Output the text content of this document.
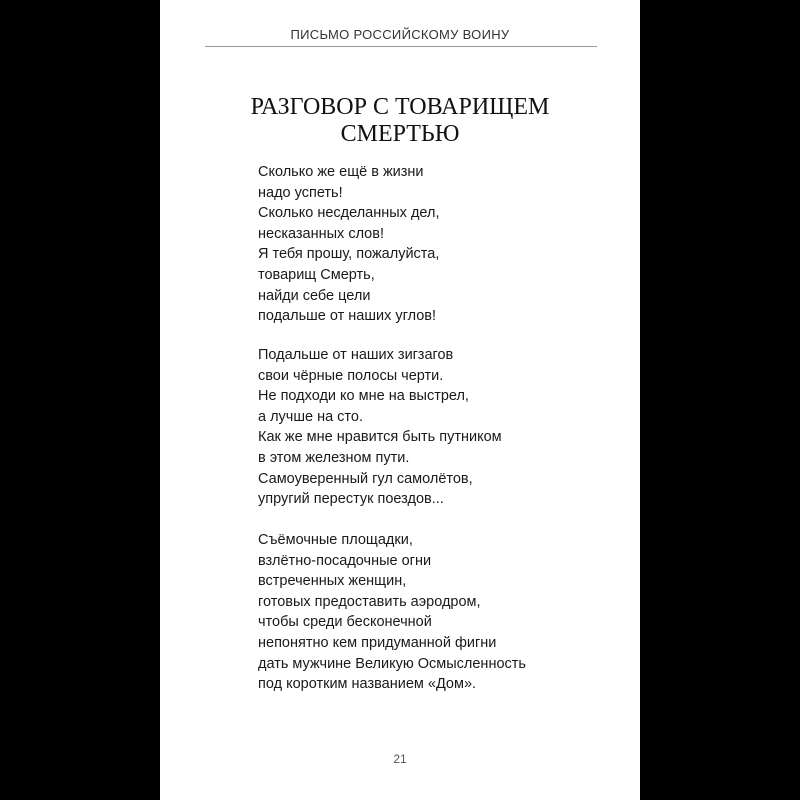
ПИСЬМО РОССИЙСКОМУ ВОИНУ
РАЗГОВОР С ТОВАРИЩЕМ
СМЕРТЬЮ
Сколько же ещё в жизни
надо успеть!
Сколько несделанных дел,
несказанных слов!
Я тебя прошу, пожалуйста,
товарищ Смерть,
найди себе цели
подальше от наших углов!
Подальше от наших зигзагов
свои чёрные полосы черти.
Не подходи ко мне на выстрел,
а лучше на сто.
Как же мне нравится быть путником
в этом железном пути.
Самоуверенный гул самолётов,
упругий перестук поездов...
Съёмочные площадки,
взлётно-посадочные огни
встреченных женщин,
готовых предоставить аэродром,
чтобы среди бесконечной
непонятно кем придуманной фигни
дать мужчине Великую Осмысленность
под коротким названием «Дом».
21
